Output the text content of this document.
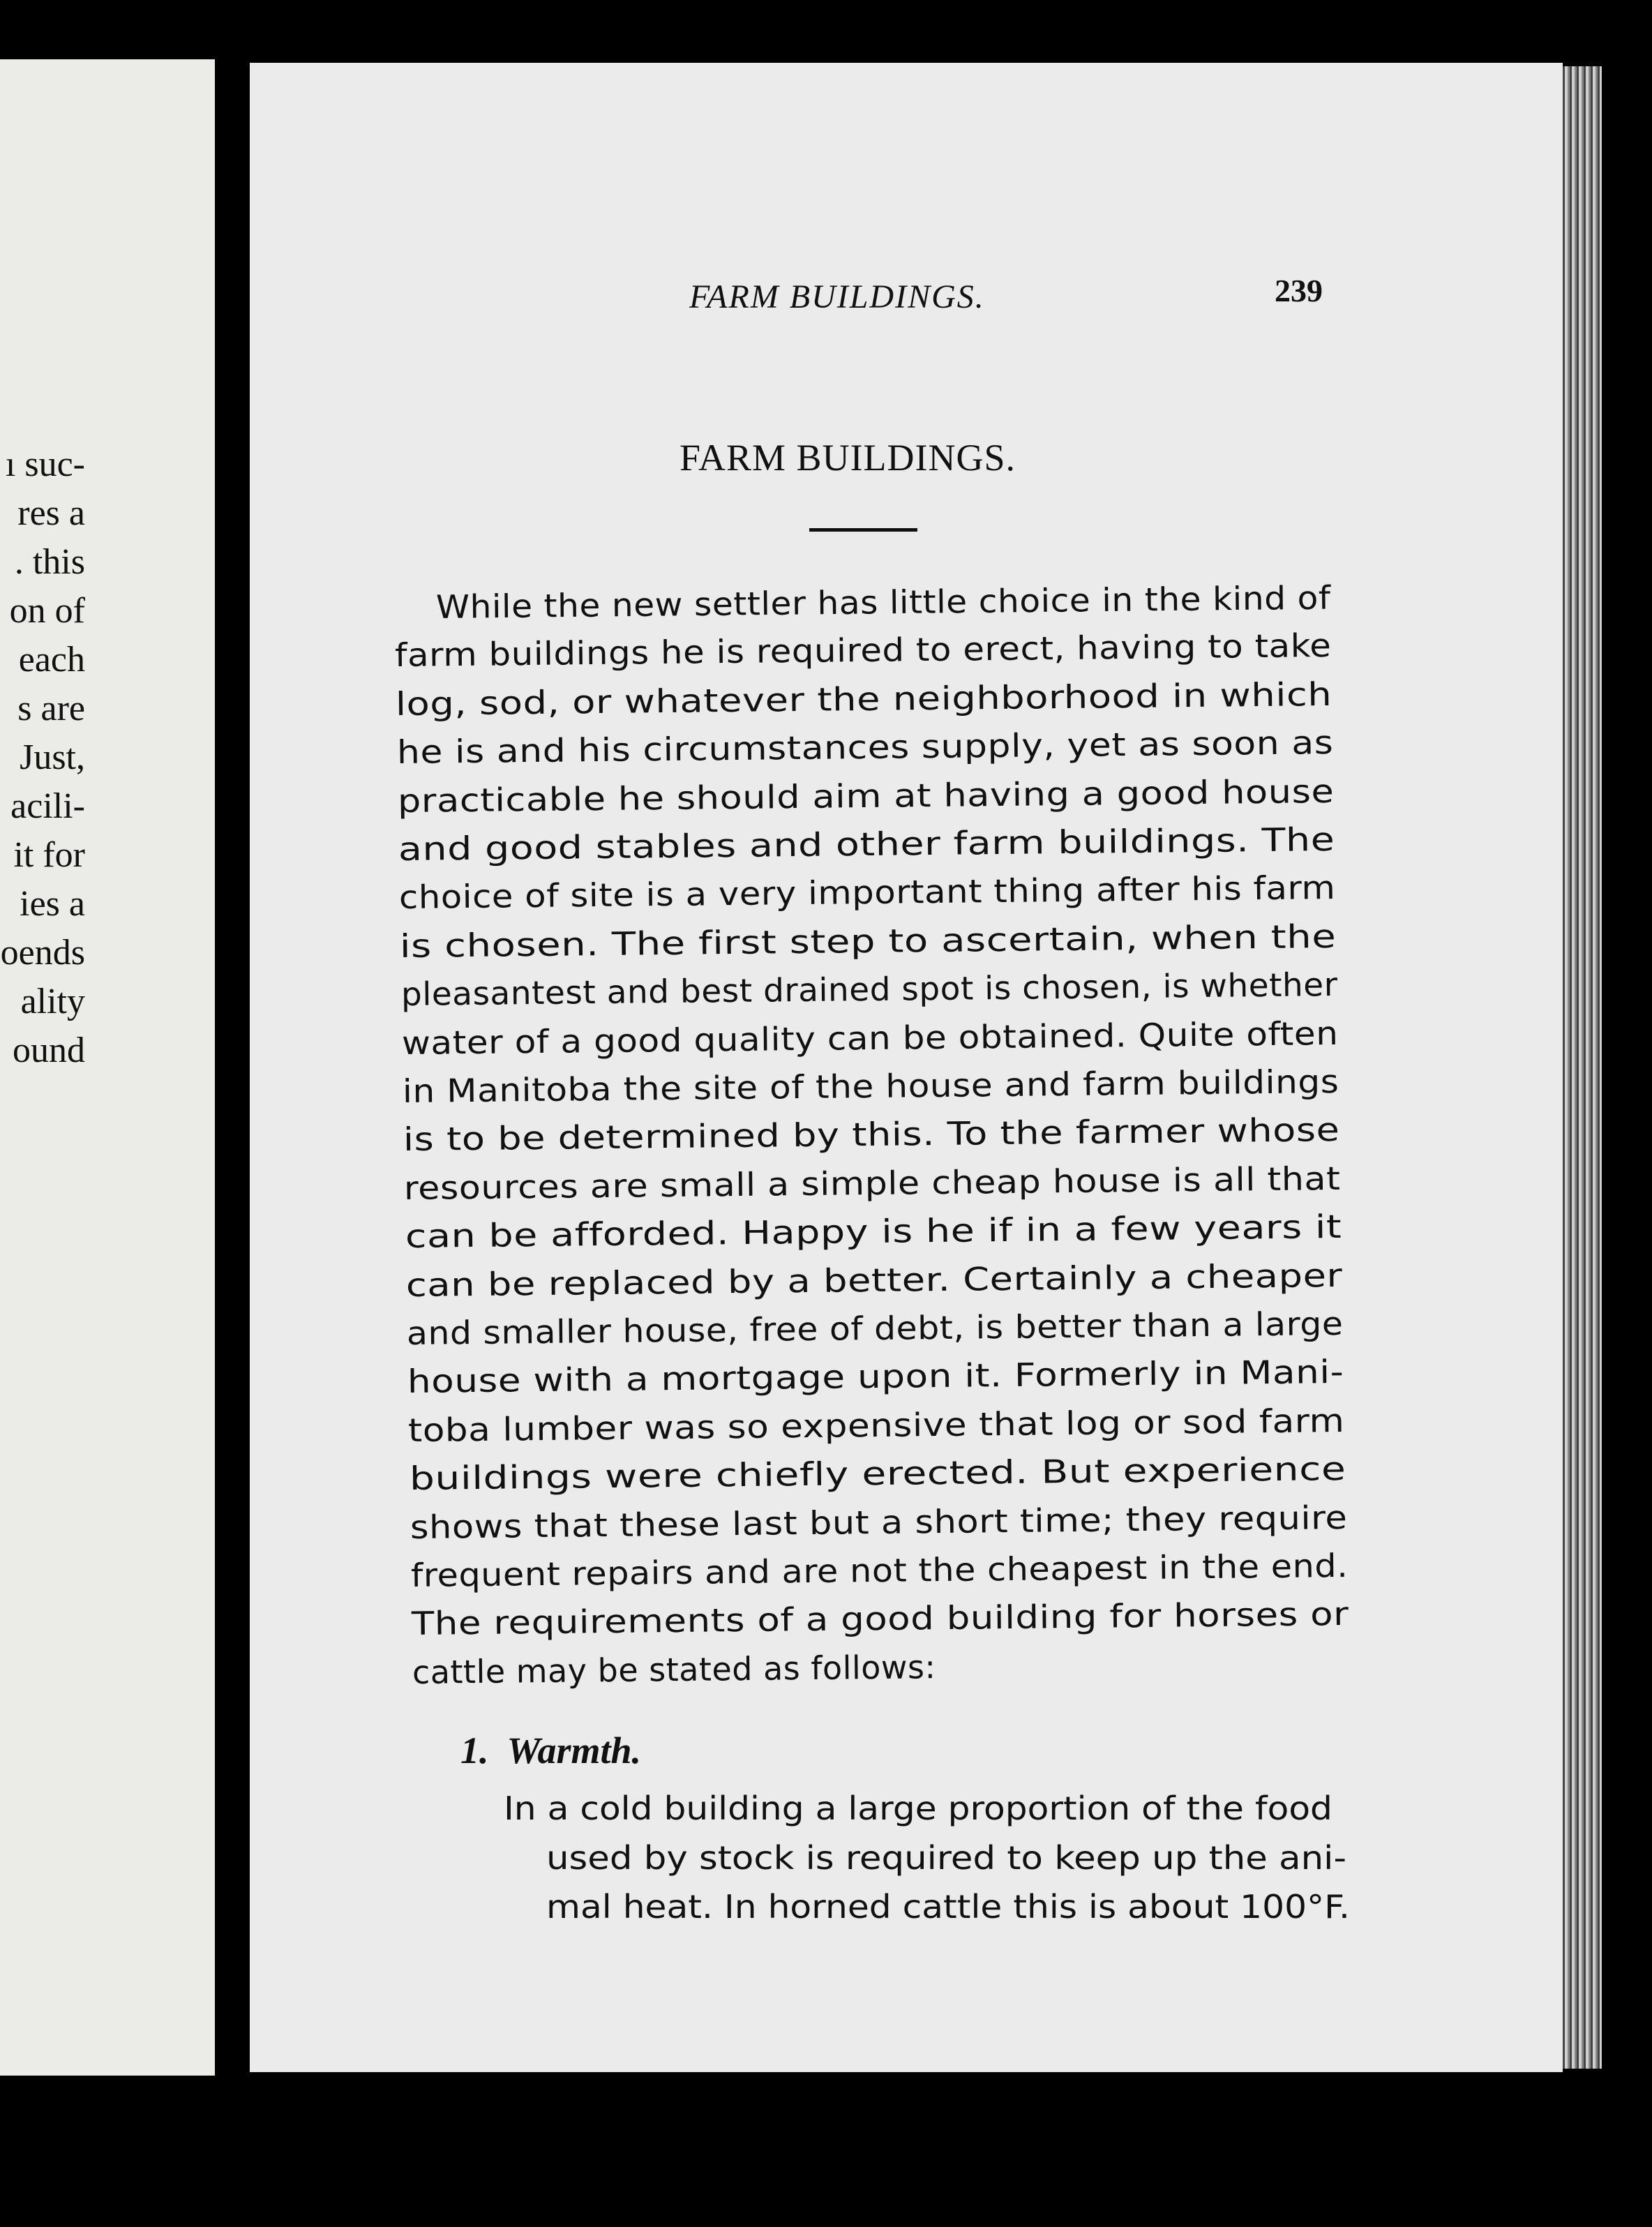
ı suc-
res a
. this
on of
each
s are
Just,
acili-
it for
ies a
oends
ality
ound
FARM BUILDINGS.	239
FARM BUILDINGS.
While the new settler has little choice in the kind of
farm buildings he is required to erect, having to take
log, sod, or whatever the neighborhood in which
he is and his circumstances supply, yet as soon as
practicable he should aim at having a good house
and good stables and other farm buildings. The
choice of site is a very important thing after his farm
is chosen. The first step to ascertain, when the
pleasantest and best drained spot is chosen, is whether
water of a good quality can be obtained. Quite often
in Manitoba the site of the house and farm buildings
is to be determined by this. To the farmer whose
resources are small a simple cheap house is all that
can be afforded. Happy is he if in a few years it
can be replaced by a better. Certainly a cheaper
and smaller house, free of debt, is better than a large
house with a mortgage upon it. Formerly in Mani-
toba lumber was so expensive that log or sod farm
buildings were chiefly erected. But experience
shows that these last but a short time; they require
frequent repairs and are not the cheapest in the end.
The requirements of a good building for horses or
cattle may be stated as follows:
1. Warmth.
In a cold building a large proportion of the food
used by stock is required to keep up the ani-
mal heat. In horned cattle this is about 100°F.
